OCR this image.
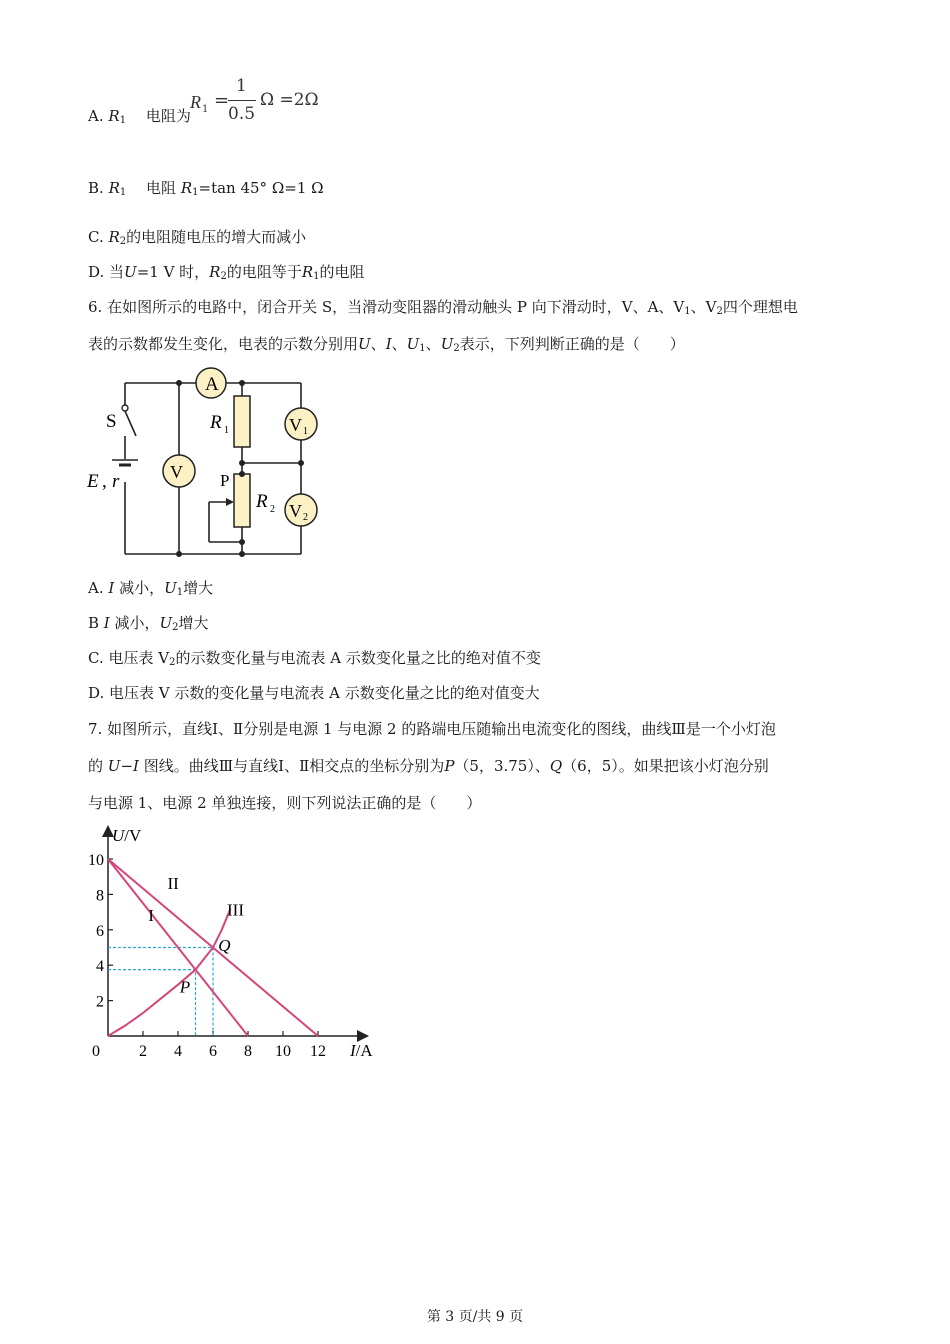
A. $R_1$　 电阻为
R 1 =
1
0.5
Ω =2Ω
B. $R_1$　 电阻 $R_1=\tan$ 45° Ω=1 Ω
C. $R_2$的电阻随电压的增大而减小
D. 当U=1 V 时，$R_2$的电阻等于$R_1$的电阻
6. 在如图所示的电路中，闭合开关 S，当滑动变阻器的滑动触头 P 向下滑动时，V、A、$V_1$、$V_2$四个理想电
表的示数都发生变化，电表的示数分别用U、I、$U_1$、$U_2$表示，下列判断正确的是（　　）
A
V
V 1
V 2
S	R 1
R 2
P
E , r
A. I 减小，$U_1$增大
B I 减小，$U_2$增大
C. 电压表 $V_2$的示数变化量与电流表 A 示数变化量之比的绝对值不变
D. 电压表 V 示数的变化量与电流表 A 示数变化量之比的绝对值变大
7. 如图所示，直线Ⅰ、Ⅱ分别是电源 1 与电源 2 的路端电压随输出电流变化的图线，曲线Ⅲ是一个小灯泡
的 U−I 图线。曲线Ⅲ与直线Ⅰ、Ⅱ相交点的坐标分别为P（5，3.75）、Q（6，5）。如果把该小灯泡分别
与电源 1、电源 2 单独连接，则下列说法正确的是（　　）
U/V
I/A
0 2 4 6 8 10 12
2
4
6
8
10
I
II
III
P
Q
第 3 页/共 9 页
